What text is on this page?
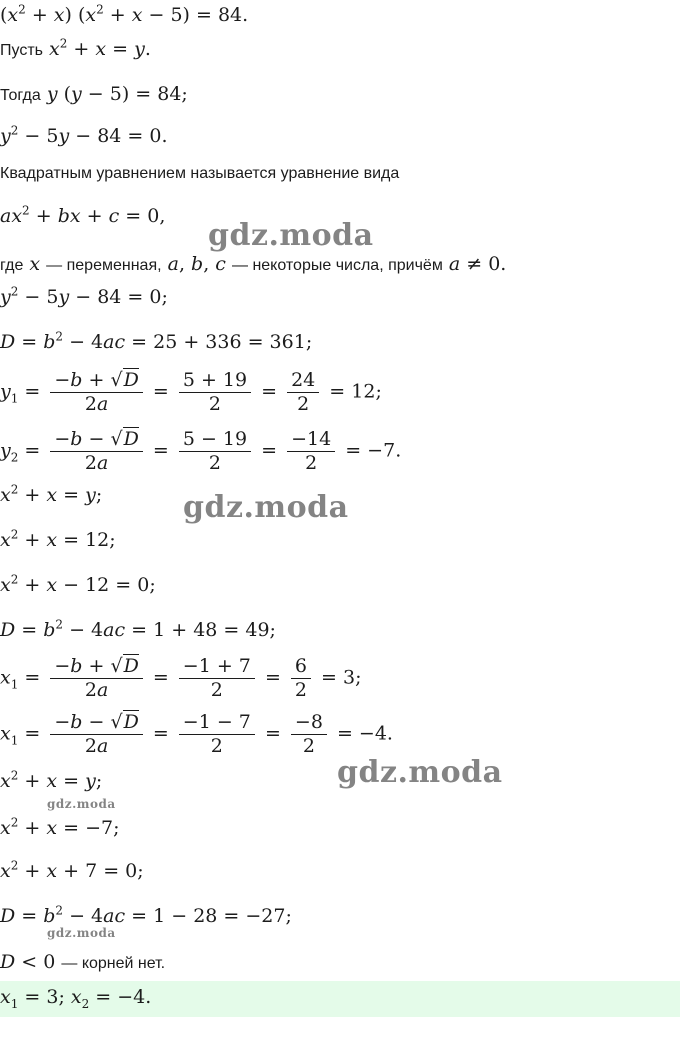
$(x^2 + x) (x^2 + x - 5) = 84$.
Пусть $x^2 + x = y$.
Тогда y (y − 5) = 84;
$y^2 - 5y - 84 = 0$.
Квадратным уравнением называется уравнение вида
$ax^2$ + bx + c = 0,
где x — переменная, a, b, c — некоторые числа, причём a ≠ 0.
$y^2 - 5y - 84 = 0$;
$D = b^2 - 4ac = 25 + 336 = 361$;
$y_1 = \frac{-b + √D}{2a} = \frac{5 + 19}{2} = \frac{24}{2} = 12$;
$y_2 = \frac{-b - √D}{2a} = \frac{5 - 19}{2} = \frac{-14}{2} = -7$.
$x^2 + x = y$;
$x^2 + x = 12$;
$x^2 + x - 12 = 0$;
$D = b^2 - 4ac = 1 + 48 = 49$;
$x_1 = \frac{-b + √D}{2a} = \frac{-1 + 7}{2} = \frac{6}{2} = 3$;
$x_1 = \frac{-b - √D}{2a} = \frac{-1 - 7}{2} = \frac{-8}{2} = -4$.
$x^2 + x = y$;
$x^2 + x = -7$;
$x^2 + x + 7 = 0$;
$D = b^2 - 4ac = 1 - 28 = -27$;
D < 0 — корней нет.
$x_1 = 3$; $x_2 = -4$.
gdz.moda
gdz.moda
gdz.moda
gdz.moda
gdz.moda
